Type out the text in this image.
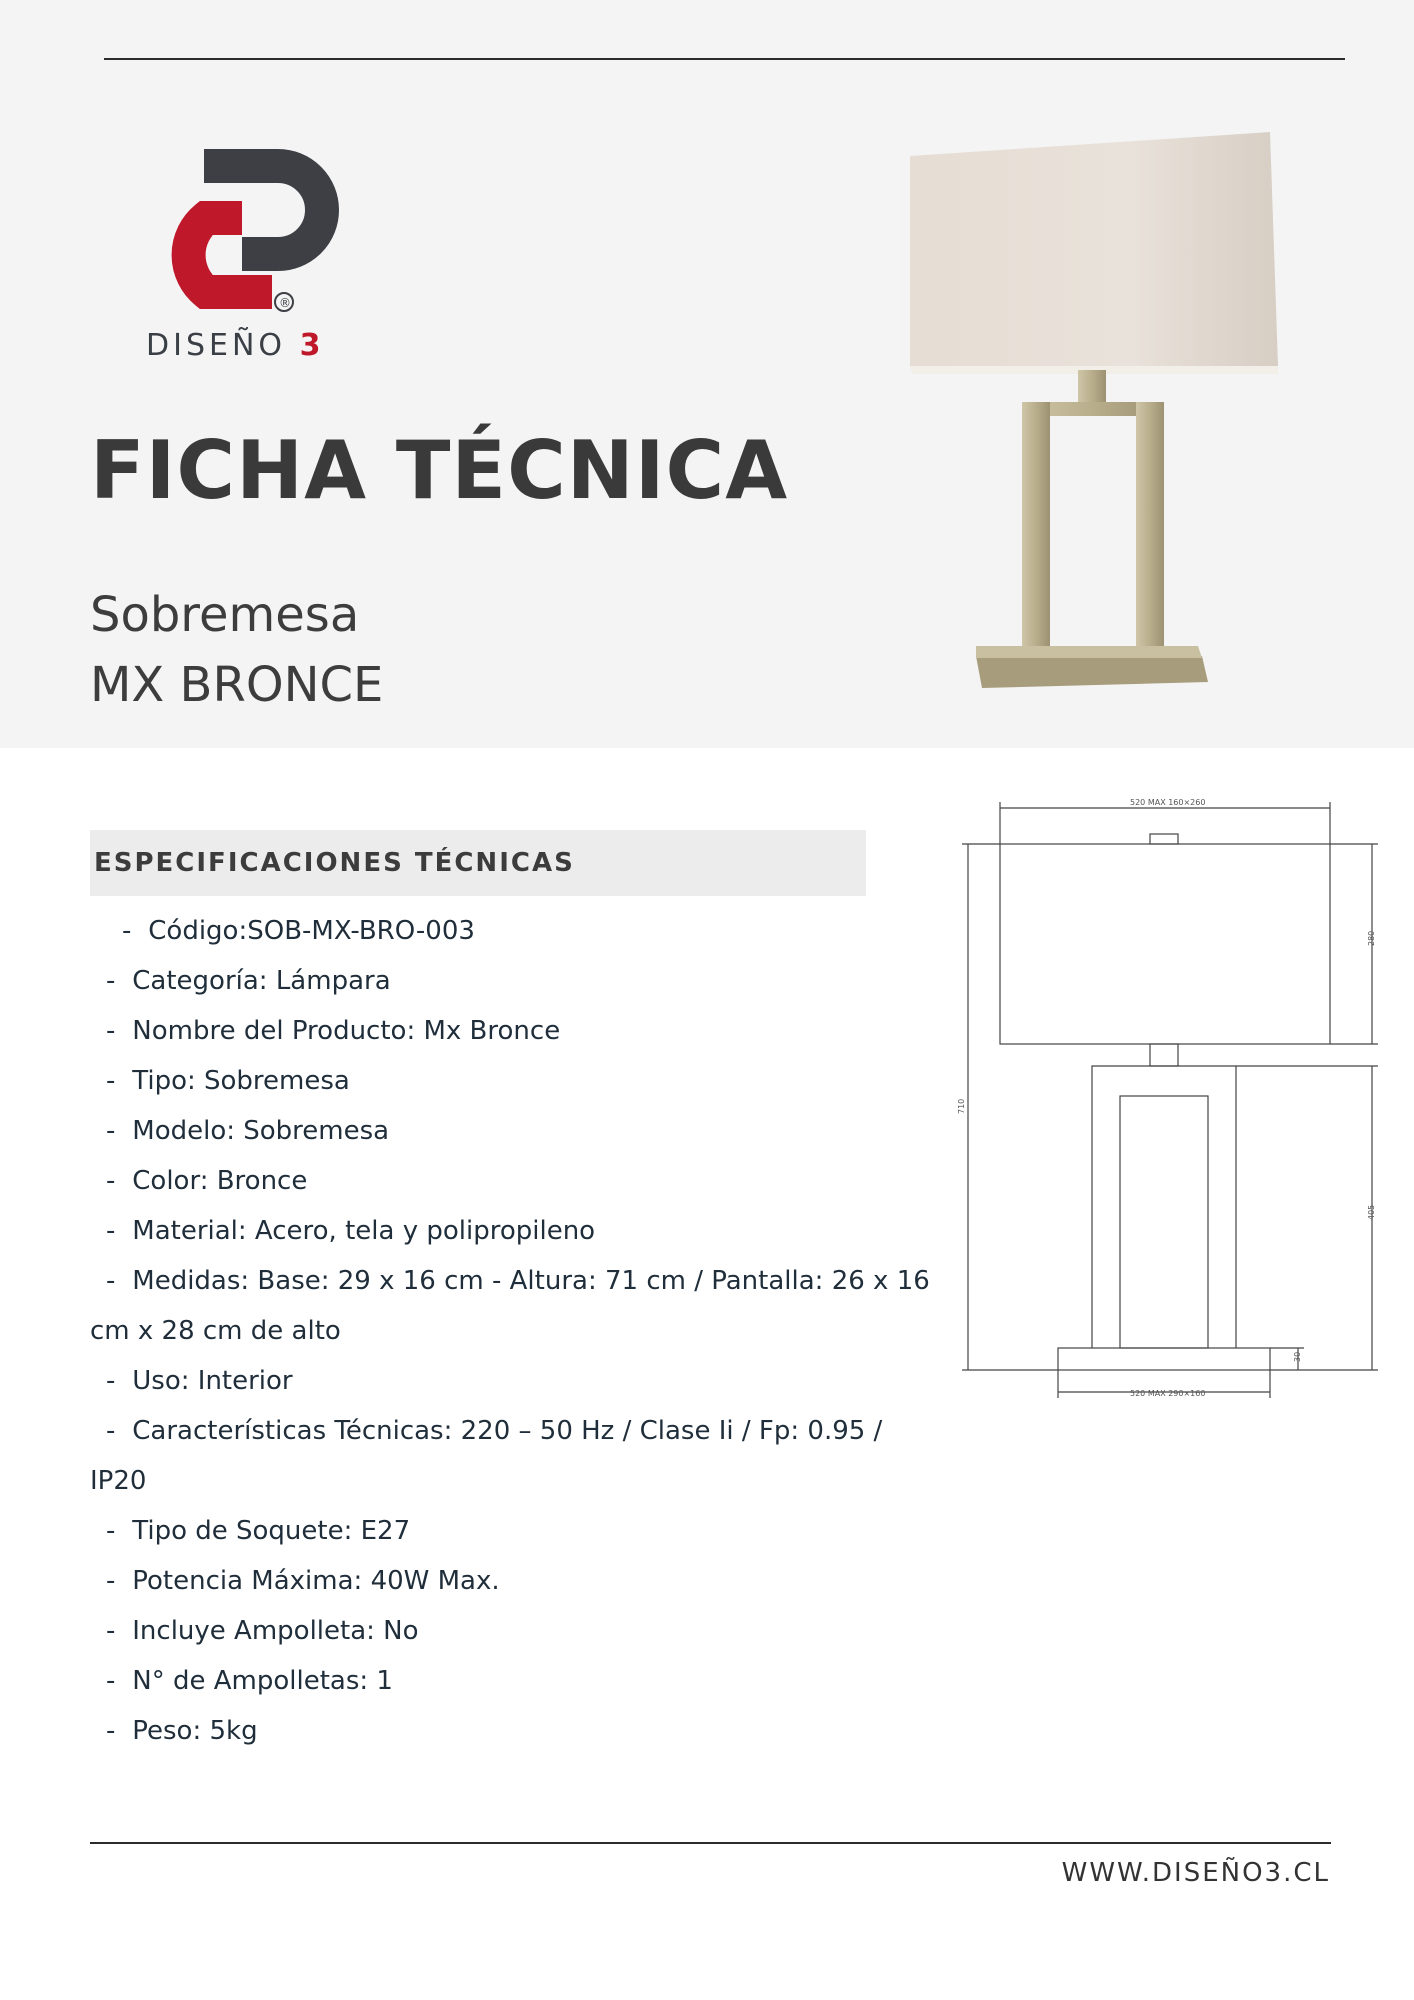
®
DISEÑO 3
FICHA TÉCNICA
Sobremesa
MX BRONCE
520 MAX 160×260
280
710
405
30
520 MAX 290×160
ESPECIFICACIONES TÉCNICAS
- Código:SOB-MX-BRO-003
- Categoría: Lámpara
- Nombre del Producto: Mx Bronce
- Tipo: Sobremesa
- Modelo: Sobremesa
- Color: Bronce
- Material: Acero, tela y polipropileno
- Medidas: Base: 29 x 16 cm - Altura: 71 cm / Pantalla: 26 x 16 cm x 28 cm de alto
- Uso: Interior
- Características Técnicas: 220 – 50 Hz / Clase Ii / Fp: 0.95 / IP20
- Tipo de Soquete: E27
- Potencia Máxima: 40W Max.
- Incluye Ampolleta: No
- N° de Ampolletas: 1
- Peso: 5kg
WWW.DISEÑO3.CL
